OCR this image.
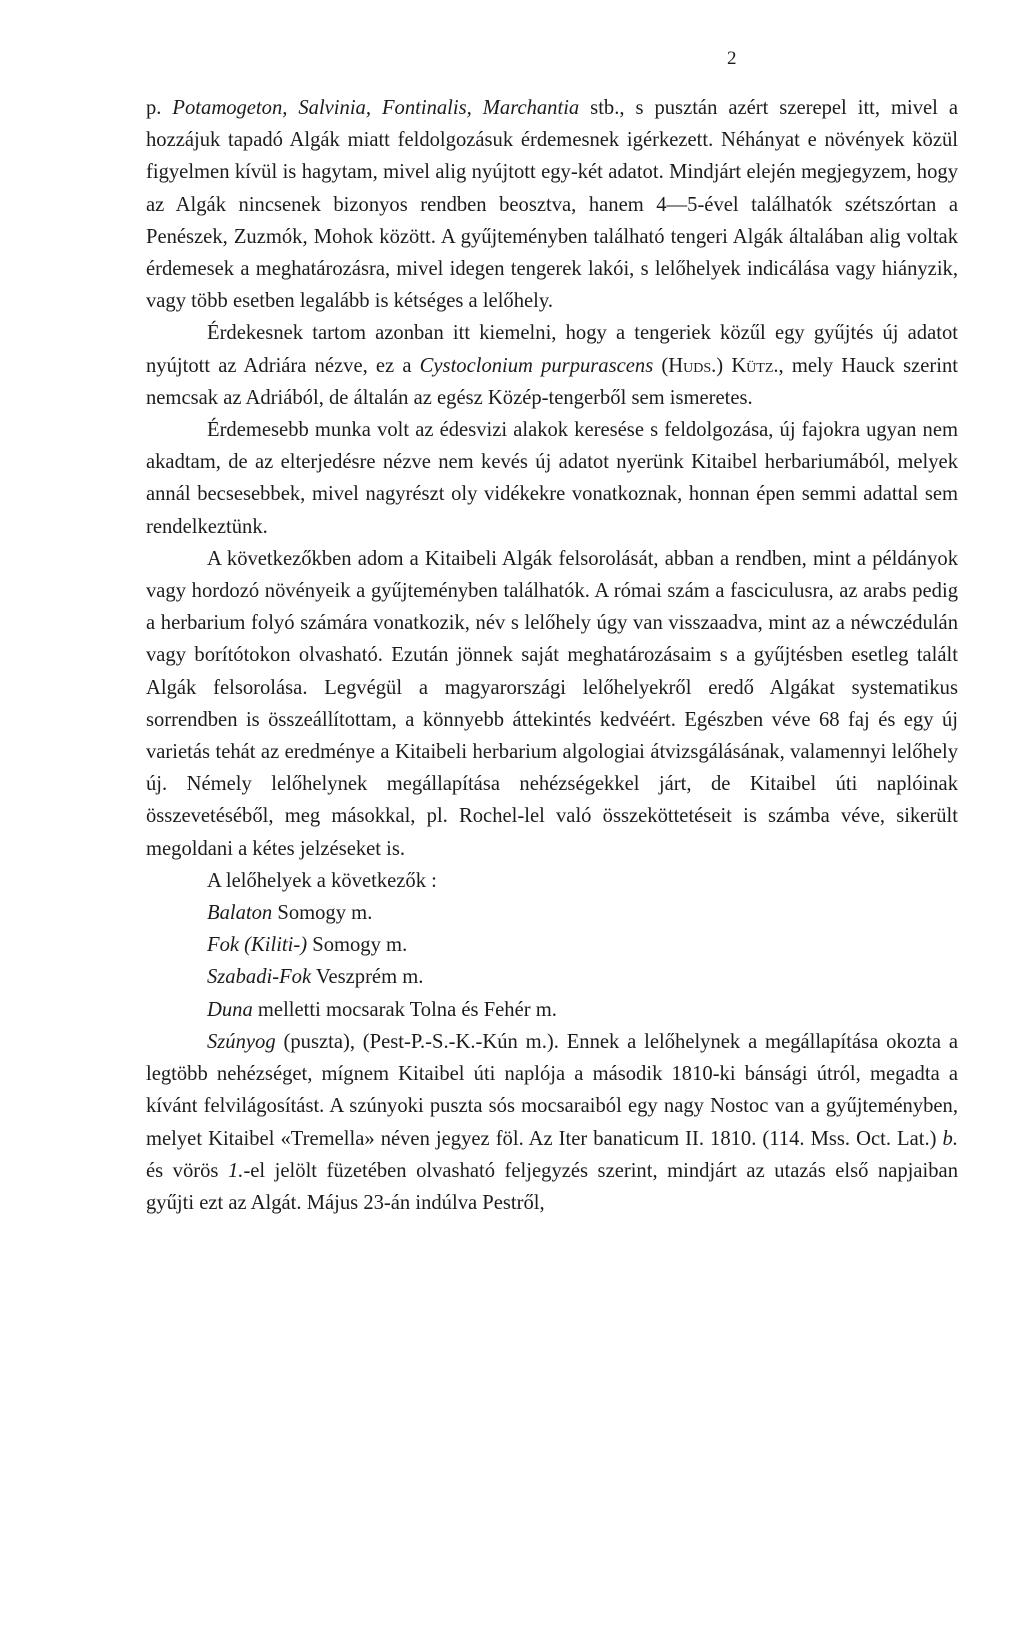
2

p. Potamogeton, Salvinia, Fontinalis, Marchantia stb., s pusztán azért szerepel itt, mivel a hozzájuk tapadó Algák miatt feldolgozásuk érdemesnek igérkezett. Néhányat e növények közül figyelmen kívül is hagytam, mivel alig nyújtott egy-két adatot. Mindjárt elején megjegyzem, hogy az Algák nincsenek bizonyos rendben beosztva, hanem 4—5-ével találhatók szétszórtan a Penészek, Zuzmók, Mohok között. A gyűjteményben található tengeri Algák általában alig voltak érdemesek a meghatározásra, mivel idegen tengerek lakói, s lelőhelyek indicálása vagy hiányzik, vagy több esetben legalább is kétséges a lelőhely.

Érdekesnek tartom azonban itt kiemelni, hogy a tengeriek közűl egy gyűjtés új adatot nyújtott az Adriára nézve, ez a Cystoclonium purpurascens (Huds.) Kütz., mely Hauck szerint nemcsak az Adriából, de általán az egész Közép-tengerből sem ismeretes.

Érdemesebb munka volt az édesvizi alakok keresése s feldolgozása, új fajokra ugyan nem akadtam, de az elterjedésre nézve nem kevés új adatot nyerünk Kitaibel herbariumából, melyek annál becsesebbek, mivel nagyrészt oly vidékekre vonatkoznak, honnan épen semmi adattal sem rendelkeztünk.

A következőkben adom a Kitaibeli Algák felsorolását, abban a rendben, mint a példányok vagy hordozó növényeik a gyűjteményben találhatók. A római szám a fasciculusra, az arabs pedig a herbarium folyó számára vonatkozik, név s lelőhely úgy van visszaadva, mint az a néwczédulán vagy borítótokon olvasható. Ezután jönnek saját meghatározásaim s a gyűjtésben esetleg talált Algák felsorolása. Legvégül a magyarországi lelőhelyekről eredő Algákat systematikus sorrendben is összeállítottam, a könnyebb áttekintés kedvéért. Egészben véve 68 faj és egy új varietás tehát az eredménye a Kitaibeli herbarium algologiai átvizsgálásának, valamennyi lelőhely új. Némely lelőhelynek megállapítása nehézségekkel járt, de Kitaibel úti naplóinak összevetéséből, meg másokkal, pl. Rochel-lel való összeköttetéseit is számba véve, sikerült megoldani a kétes jelzéseket is.

A lelőhelyek a következők :

Balaton Somogy m.

Fok (Kiliti-) Somogy m.

Szabadi-Fok Veszprém m.

Duna melletti mocsarak Tolna és Fehér m.

Szúnyog (puszta), (Pest-P.-S.-K.-Kún m.). Ennek a lelőhelynek a megállapítása okozta a legtöbb nehézséget, mígnem Kitaibel úti naplója a második 1810-ki bánsági útról, megadta a kívánt felvilágosítást. A szúnyoki puszta sós mocsaraiból egy nagy Nostoc van a gyűjteményben, melyet Kitaibel «Tremella» néven jegyez föl. Az Iter banaticum II. 1810. (114. Mss. Oct. Lat.) b. és vörös 1.-el jelölt füzetében olvasható feljegyzés szerint, mindjárt az utazás első napjaiban gyűjti ezt az Algát. Május 23-án indúlva Pestről,
